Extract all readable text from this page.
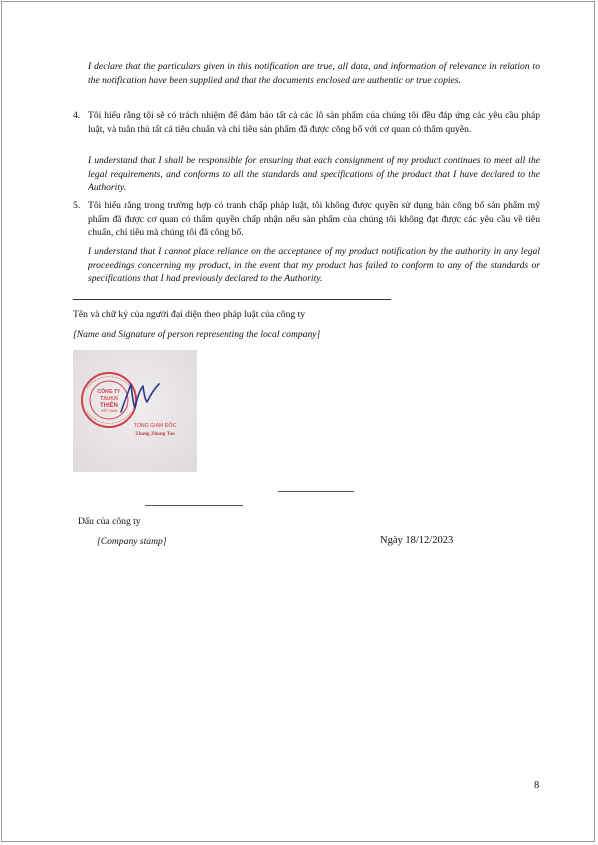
I declare that the particulars given in this notification are true, all data, and information of relevance in relation to the notification have been supplied and that the documents enclosed are authentic or true copies.
4. Tôi hiểu rằng tôi sẽ có trách nhiệm để đảm bảo tất cả các lô sản phẩm của chúng tôi đều đáp ứng các yêu cầu pháp luật, và tuân thủ tất cả tiêu chuẩn và chỉ tiêu sản phẩm đã được công bố với cơ quan có thẩm quyền.
I understand that I shall be responsible for ensuring that each consignment of my product continues to meet all the legal requirements, and conforms to all the standards and specifications of the product that I have declared to the Authority.
5. Tôi hiểu rằng trong trường hợp có tranh chấp pháp luật, tôi không được quyền sử dụng bản công bố sản phẩm mỹ phẩm đã được cơ quan có thẩm quyền chấp nhận nếu sản phẩm của chúng tôi không đạt được các yêu cầu về tiêu chuẩn, chỉ tiêu mà chúng tôi đã công bố.
I understand that I cannot place reliance on the acceptance of my product notification by the authority in any legal proceedings concerning my product, in the event that my product has failed to conform to any of the standards or specifications that I had previously declared to the Authority.
Tên và chữ ký của người đại diện theo pháp luật của công ty
[Name and Signature of person representing the local company]
CÔNG TY
T.N.H.H
THIÊN
VIỆT NAM
TỔNG GIÁM ĐỐC
Zhang Zhong Tao
Dấu của công ty
[Company stamp]	Ngày 18/12/2023
8
